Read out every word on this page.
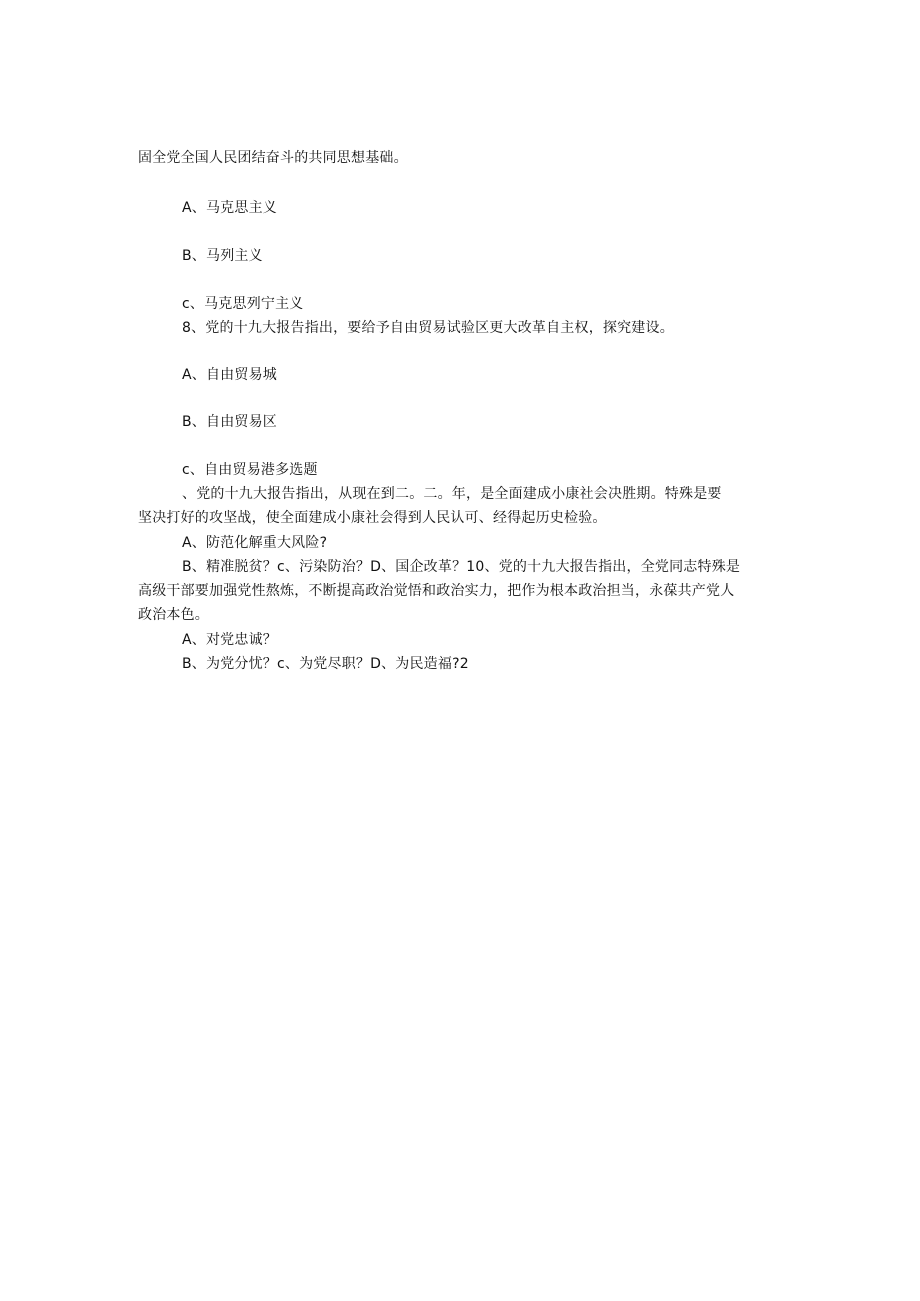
固全党全国人民团结奋斗的共同思想基础。
A、马克思主义
B、马列主义
c、马克思列宁主义
8、党的十九大报告指出，要给予自由贸易试验区更大改革自主权，探究建设。
A、自由贸易城
B、自由贸易区
c、自由贸易港多选题
、党的十九大报告指出，从现在到二。二。年，是全面建成小康社会决胜期。特殊是要
坚决打好的攻坚战，使全面建成小康社会得到人民认可、经得起历史检验。
A、防范化解重大风险?
B、精准脱贫？c、污染防治？D、国企改革？10、党的十九大报告指出，全党同志特殊是
高级干部要加强党性熬炼，不断提高政治觉悟和政治实力，把作为根本政治担当，永葆共产党人
政治本色。
A、对党忠诚？
B、为党分忧？c、为党尽职？D、为民造福?2
